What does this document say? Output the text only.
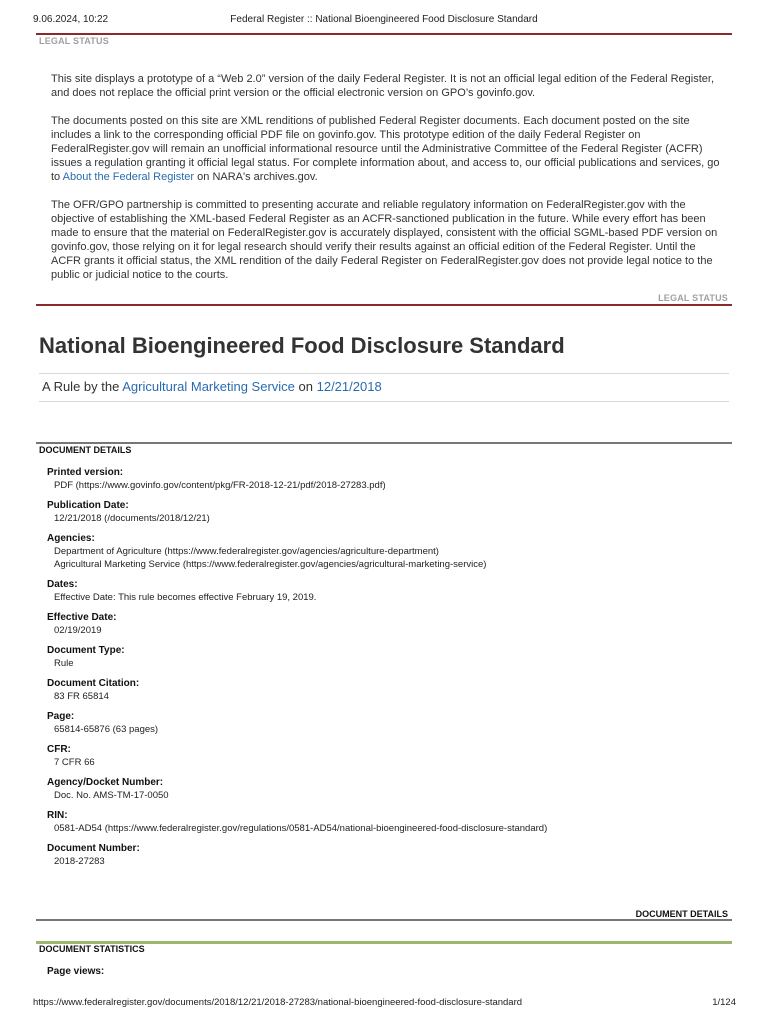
9.06.2024, 10:22	Federal Register :: National Bioengineered Food Disclosure Standard
LEGAL STATUS

This site displays a prototype of a “Web 2.0” version of the daily Federal Register. It is not an official legal edition of the Federal Register, and does not replace the official print version or the official electronic version on GPO’s govinfo.gov.

The documents posted on this site are XML renditions of published Federal Register documents. Each document posted on the site includes a link to the corresponding official PDF file on govinfo.gov. This prototype edition of the daily Federal Register on FederalRegister.gov will remain an unofficial informational resource until the Administrative Committee of the Federal Register (ACFR) issues a regulation granting it official legal status. For complete information about, and access to, our official publications and services, go to About the Federal Register on NARA's archives.gov.

The OFR/GPO partnership is committed to presenting accurate and reliable regulatory information on FederalRegister.gov with the objective of establishing the XML-based Federal Register as an ACFR-sanctioned publication in the future. While every effort has been made to ensure that the material on FederalRegister.gov is accurately displayed, consistent with the official SGML-based PDF version on govinfo.gov, those relying on it for legal research should verify their results against an official edition of the Federal Register. Until the ACFR grants it official status, the XML rendition of the daily Federal Register on FederalRegister.gov does not provide legal notice to the public or judicial notice to the courts.

LEGAL STATUS
National Bioengineered Food Disclosure Standard
A Rule by the Agricultural Marketing Service on 12/21/2018
DOCUMENT DETAILS
Printed version:
PDF (https://www.govinfo.gov/content/pkg/FR-2018-12-21/pdf/2018-27283.pdf)
Publication Date:
12/21/2018 (/documents/2018/12/21)
Agencies:
Department of Agriculture (https://www.federalregister.gov/agencies/agriculture-department)
Agricultural Marketing Service (https://www.federalregister.gov/agencies/agricultural-marketing-service)
Dates:
Effective Date: This rule becomes effective February 19, 2019.
Effective Date:
02/19/2019
Document Type:
Rule
Document Citation:
83 FR 65814
Page:
65814-65876 (63 pages)
CFR:
7 CFR 66
Agency/Docket Number:
Doc. No. AMS-TM-17-0050
RIN:
0581-AD54 (https://www.federalregister.gov/regulations/0581-AD54/national-bioengineered-food-disclosure-standard)
Document Number:
2018-27283
DOCUMENT DETAILS
DOCUMENT STATISTICS
Page views:
https://www.federalregister.gov/documents/2018/12/21/2018-27283/national-bioengineered-food-disclosure-standard	1/124
